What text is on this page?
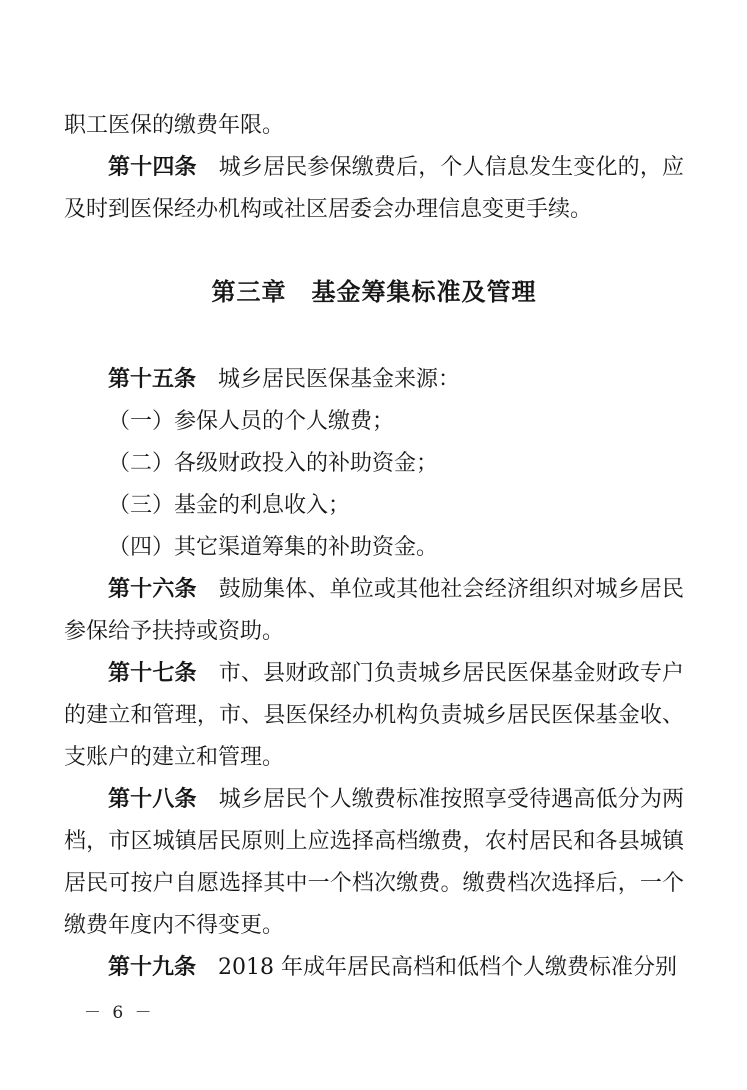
职工医保的缴费年限。

第十四条　城乡居民参保缴费后，个人信息发生变化的，应及时到医保经办机构或社区居委会办理信息变更手续。

第三章　基金筹集标准及管理

第十五条　城乡居民医保基金来源：

（一）参保人员的个人缴费；

（二）各级财政投入的补助资金；

（三）基金的利息收入；

（四）其它渠道筹集的补助资金。

第十六条　鼓励集体、单位或其他社会经济组织对城乡居民参保给予扶持或资助。

第十七条　市、县财政部门负责城乡居民医保基金财政专户的建立和管理，市、县医保经办机构负责城乡居民医保基金收、支账户的建立和管理。

第十八条　城乡居民个人缴费标准按照享受待遇高低分为两档，市区城镇居民原则上应选择高档缴费，农村居民和各县城镇居民可按户自愿选择其中一个档次缴费。缴费档次选择后，一个缴费年度内不得变更。

第十九条　2018 年成年居民高档和低档个人缴费标准分别

－ 6 －
